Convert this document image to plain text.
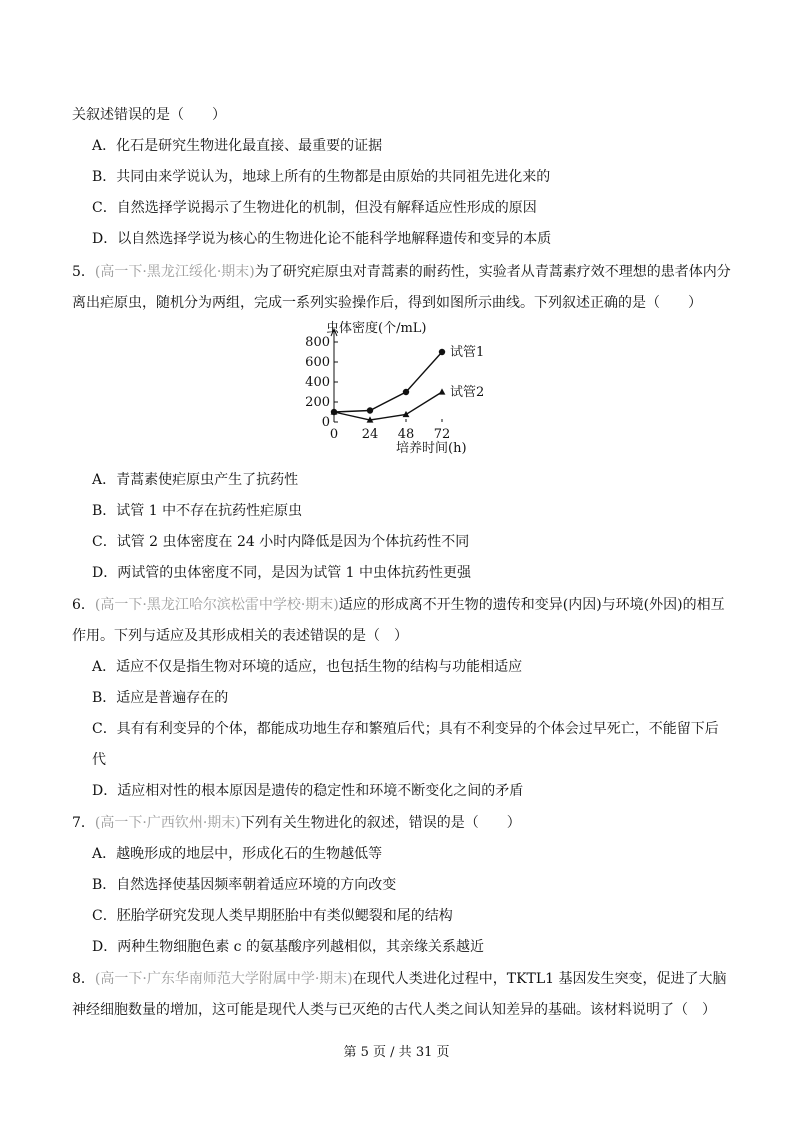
关叙述错误的是（　　）
A．化石是研究生物进化最直接、最重要的证据
B．共同由来学说认为，地球上所有的生物都是由原始的共同祖先进化来的
C．自然选择学说揭示了生物进化的机制，但没有解释适应性形成的原因
D．以自然选择学说为核心的生物进化论不能科学地解释遗传和变异的本质
5．(高一下·黑龙江绥化·期末)为了研究疟原虫对青蒿素的耐药性，实验者从青蒿素疗效不理想的患者体内分
离出疟原虫，随机分为两组，完成一系列实验操作后，得到如图所示曲线。下列叙述正确的是（　　）
A．青蒿素使疟原虫产生了抗药性
B．试管 1 中不存在抗药性疟原虫
C．试管 2 虫体密度在 24 小时内降低是因为个体抗药性不同
D．两试管的虫体密度不同，是因为试管 1 中虫体抗药性更强
6．(高一下·黑龙江哈尔滨松雷中学校·期末)适应的形成离不开生物的遗传和变异(内因)与环境(外因)的相互
作用。下列与适应及其形成相关的表述错误的是（　）
A．适应不仅是指生物对环境的适应，也包括生物的结构与功能相适应
B．适应是普遍存在的
C．具有有利变异的个体，都能成功地生存和繁殖后代；具有不利变异的个体会过早死亡，不能留下后
代
D．适应相对性的根本原因是遗传的稳定性和环境不断变化之间的矛盾
7．(高一下·广西钦州·期末)下列有关生物进化的叙述，错误的是（　　）
A．越晚形成的地层中，形成化石的生物越低等
B．自然选择使基因频率朝着适应环境的方向改变
C．胚胎学研究发现人类早期胚胎中有类似鳃裂和尾的结构
D．两种生物细胞色素 c 的氨基酸序列越相似，其亲缘关系越近
8．(高一下·广东华南师范大学附属中学·期末)在现代人类进化过程中，TKTL1 基因发生突变，促进了大脑
神经细胞数量的增加，这可能是现代人类与已灭绝的古代人类之间认知差异的基础。该材料说明了（　）
虫体密度(个/mL)
0
200
400
600
800
0 24 48 72
试管1
试管2
培养时间(h)
第 5 页 / 共 31 页
